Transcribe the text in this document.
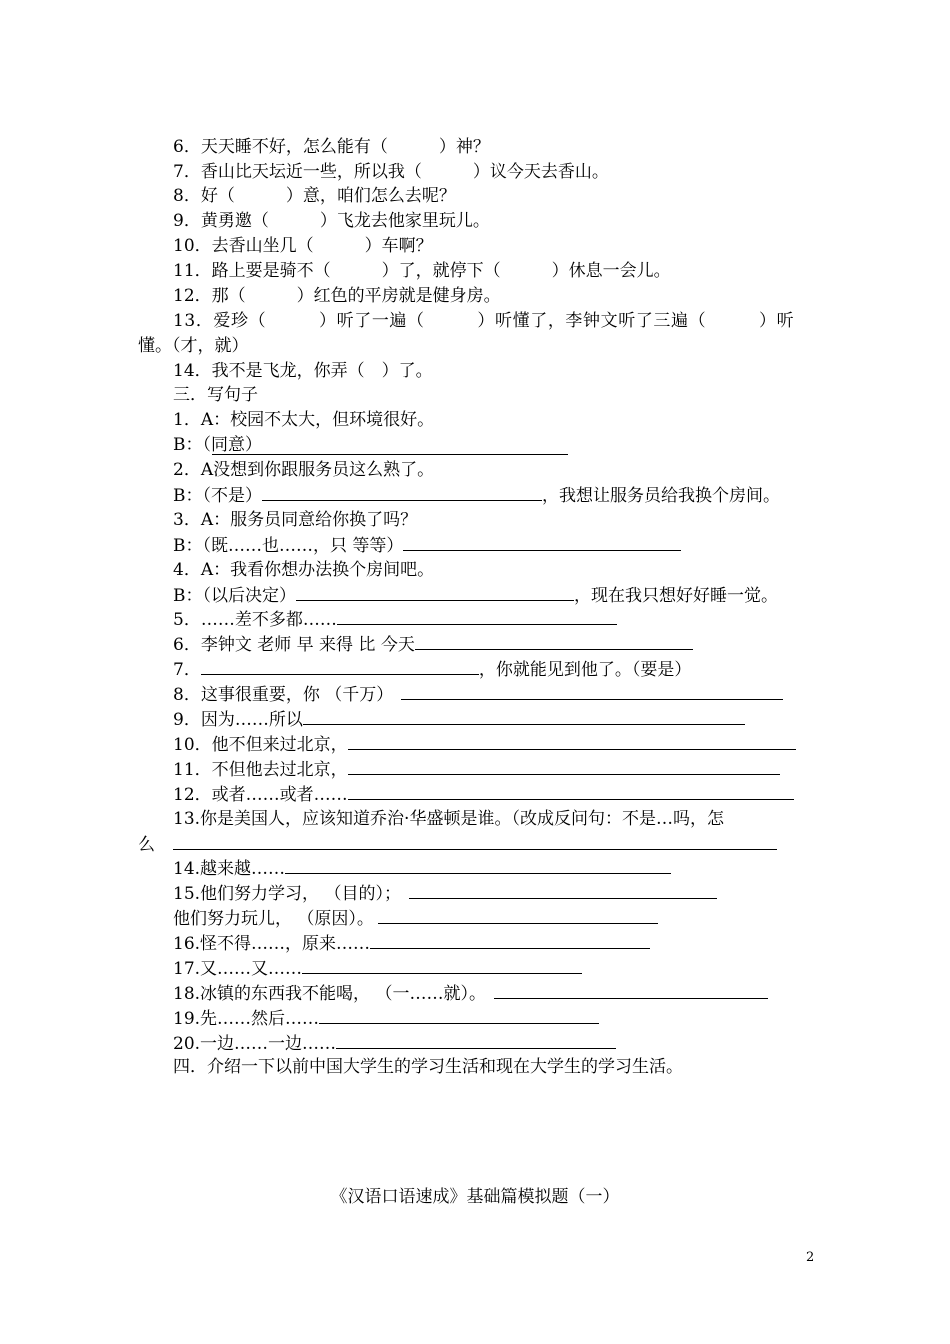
6．天天睡不好，怎么能有（　　　）神？
7．香山比天坛近一些，所以我（　　　）议今天去香山。
8．好（　　　）意，咱们怎么去呢？
9．黄勇邀（　　　）飞龙去他家里玩儿。
10．去香山坐几（　　　）车啊？
11．路上要是骑不（　　　）了，就停下（　　　）休息一会儿。
12．那（　　　）红色的平房就是健身房。
13．爱珍（　　　）听了一遍（　　　）听懂了，李钟文听了三遍（　　　）听
懂。（才，就）
14．我不是飞龙，你弄（　）了。
三．写句子
1．A：校园不太大，但环境很好。
B：（同意）
2．A没想到你跟服务员这么熟了。
B：（不是）	，我想让服务员给我换个房间。
3．A：服务员同意给你换了吗？
B：（既……也……，只 等等）
4．A：我看你想办法换个房间吧。
B：（以后决定）	，现在我只想好好睡一觉。
5．……差不多都……
6．李钟文 老师 早 来得 比 今天
7．	，你就能见到他了。（要是）
8．这事很重要，你 （千万）
9．因为……所以
10．他不但来过北京，
11．不但他去过北京，
12．或者……或者……
13.你是美国人，应该知道乔治·华盛顿是谁。（改成反问句：不是…吗，怎
么
14.越来越……
15.他们努力学习， （目的）；
他们努力玩儿， （原因）。
16.怪不得……，原来……
17.又……又……
18.冰镇的东西我不能喝， （一……就）。
19.先……然后……
20.一边……一边……
四．介绍一下以前中国大学生的学习生活和现在大学生的学习生活。
《汉语口语速成》基础篇模拟题（一）
2
